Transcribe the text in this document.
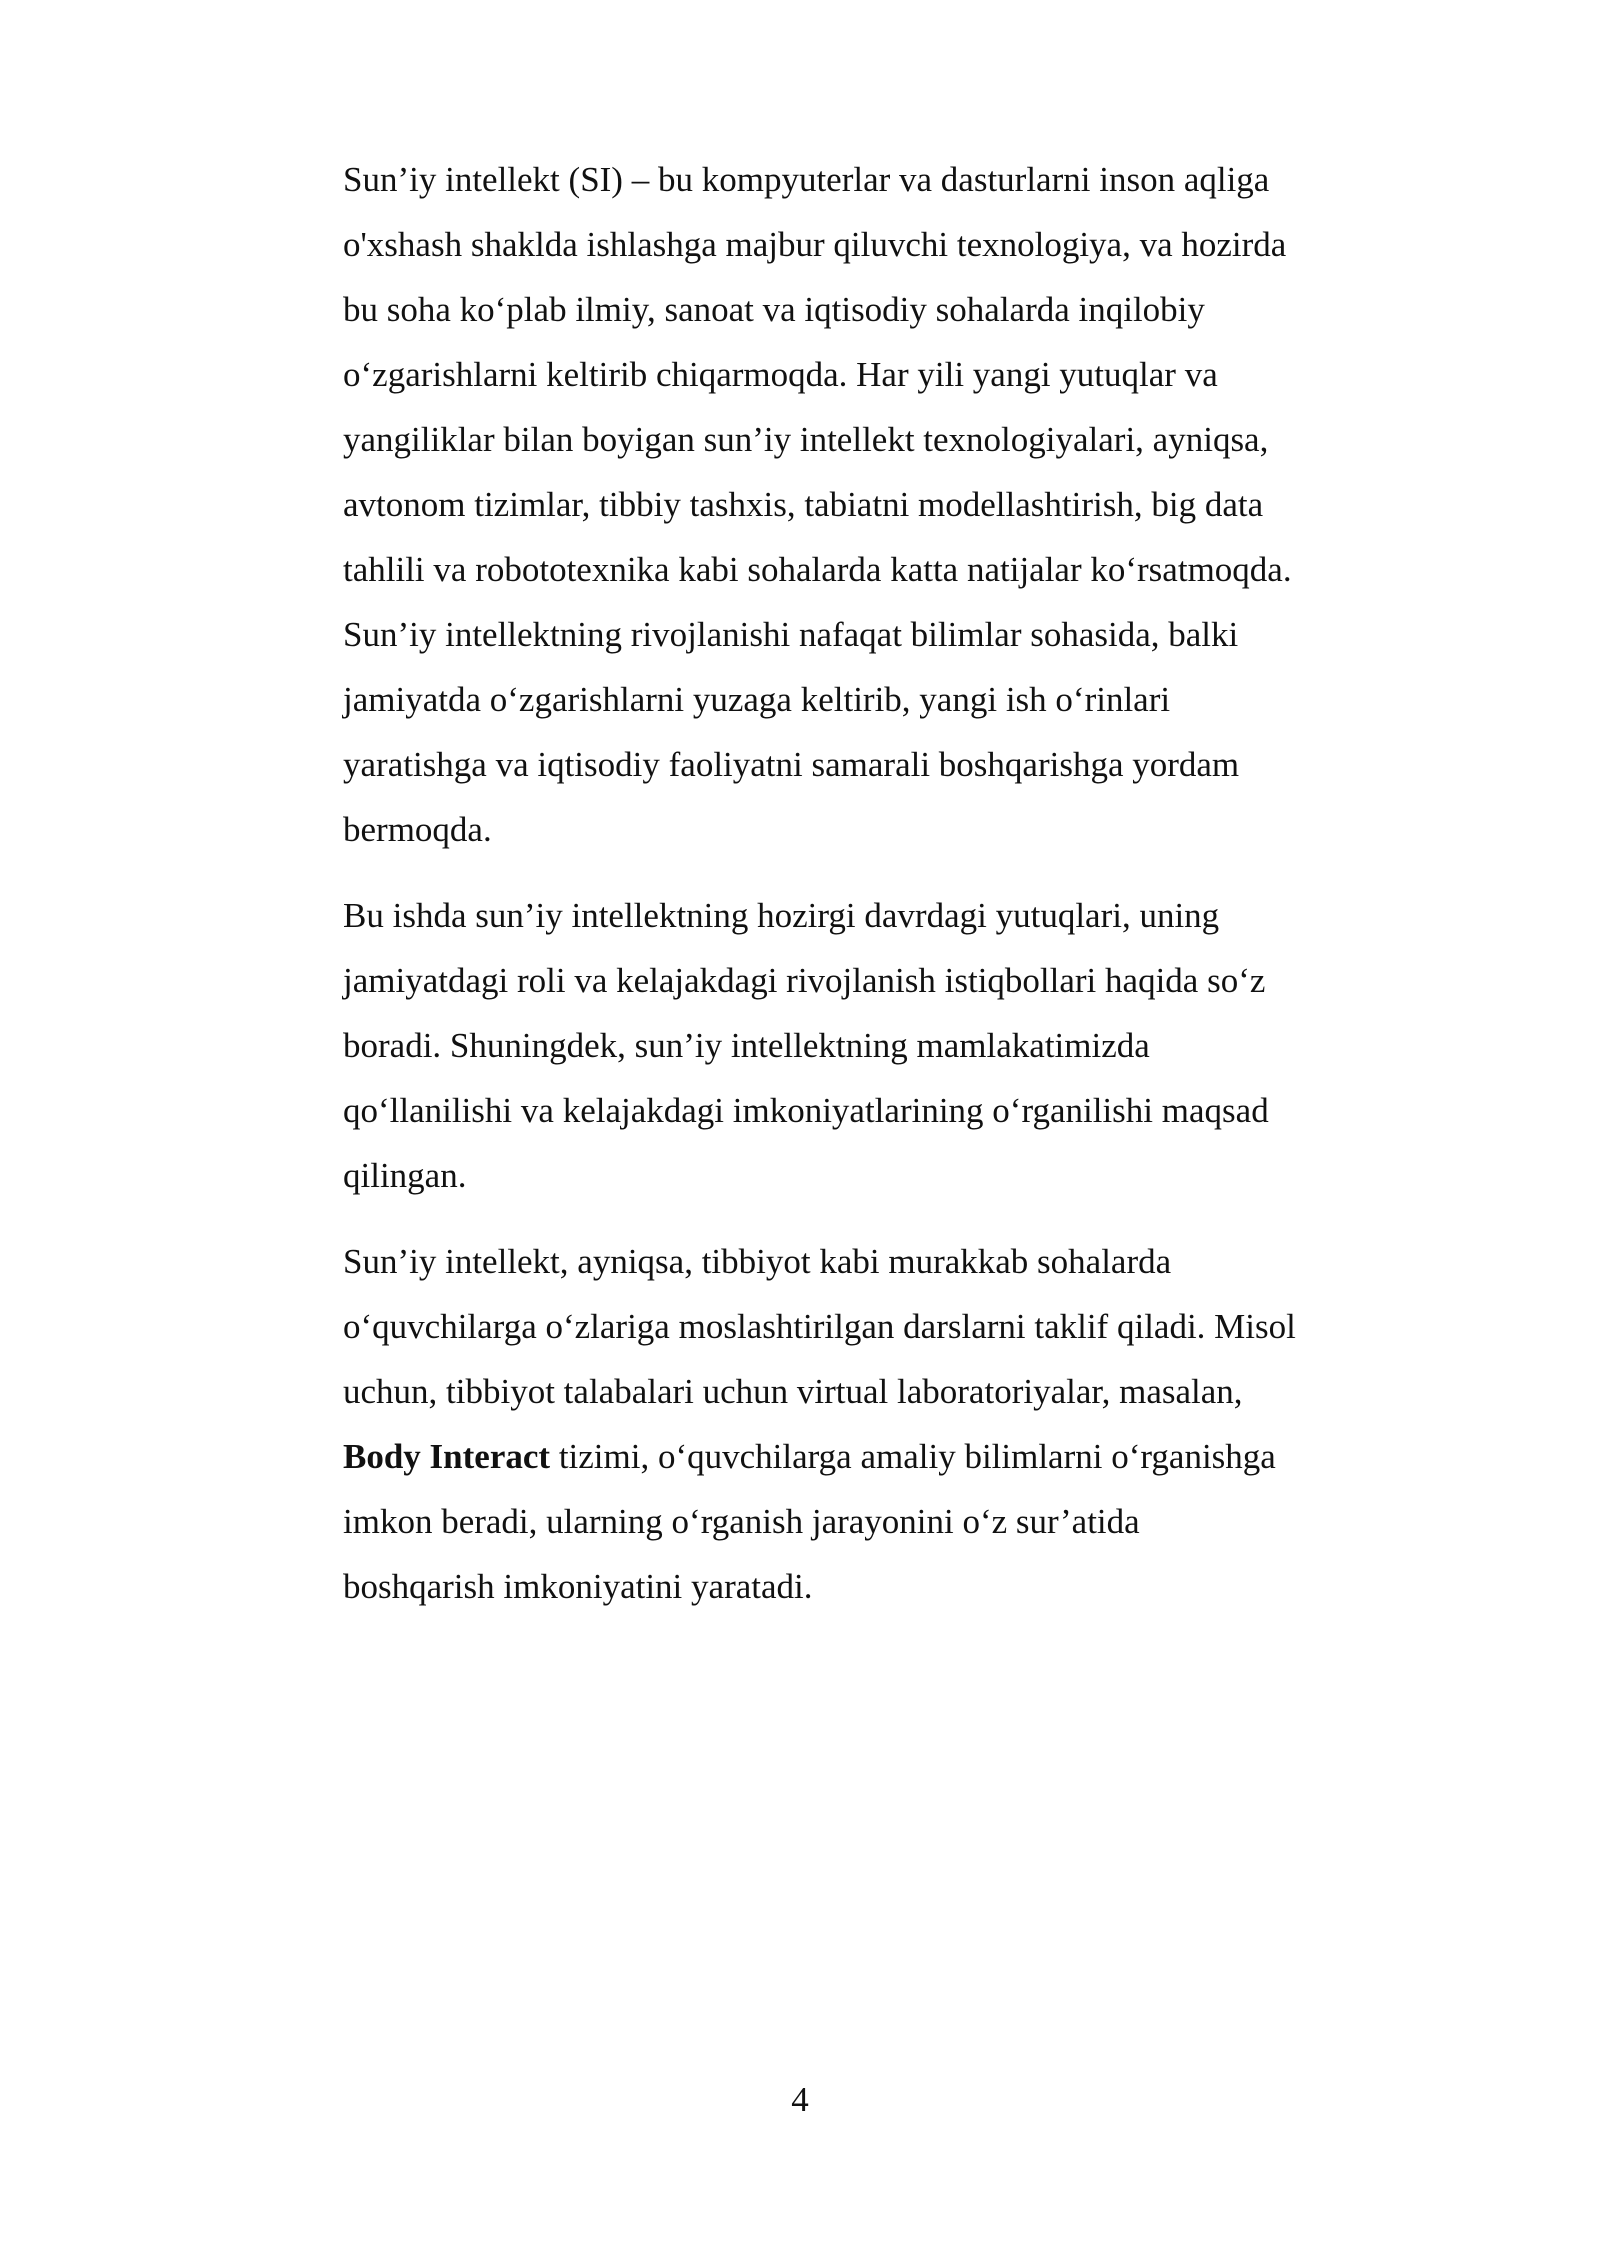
Sun’iy intellekt (SI) – bu kompyuterlar va dasturlarni inson aqliga
o'xshash shaklda ishlashga majbur qiluvchi texnologiya, va hozirda
bu soha ko‘plab ilmiy, sanoat va iqtisodiy sohalarda inqilobiy
o‘zgarishlarni keltirib chiqarmoqda. Har yili yangi yutuqlar va
yangiliklar bilan boyigan sun’iy intellekt texnologiyalari, ayniqsa,
avtonom tizimlar, tibbiy tashxis, tabiatni modellashtirish, big data
tahlili va robototexnika kabi sohalarda katta natijalar ko‘rsatmoqda.
Sun’iy intellektning rivojlanishi nafaqat bilimlar sohasida, balki
jamiyatda o‘zgarishlarni yuzaga keltirib, yangi ish o‘rinlari
yaratishga va iqtisodiy faoliyatni samarali boshqarishga yordam
bermoqda.
Bu ishda sun’iy intellektning hozirgi davrdagi yutuqlari, uning
jamiyatdagi roli va kelajakdagi rivojlanish istiqbollari haqida so‘z
boradi. Shuningdek, sun’iy intellektning mamlakatimizda
qo‘llanilishi va kelajakdagi imkoniyatlarining o‘rganilishi maqsad
qilingan.
Sun’iy intellekt, ayniqsa, tibbiyot kabi murakkab sohalarda
o‘quvchilarga o‘zlariga moslashtirilgan darslarni taklif qiladi. Misol
uchun, tibbiyot talabalari uchun virtual laboratoriyalar, masalan,
Body Interact tizimi, o‘quvchilarga amaliy bilimlarni o‘rganishga
imkon beradi, ularning o‘rganish jarayonini o‘z sur’atida
boshqarish imkoniyatini yaratadi.
4
